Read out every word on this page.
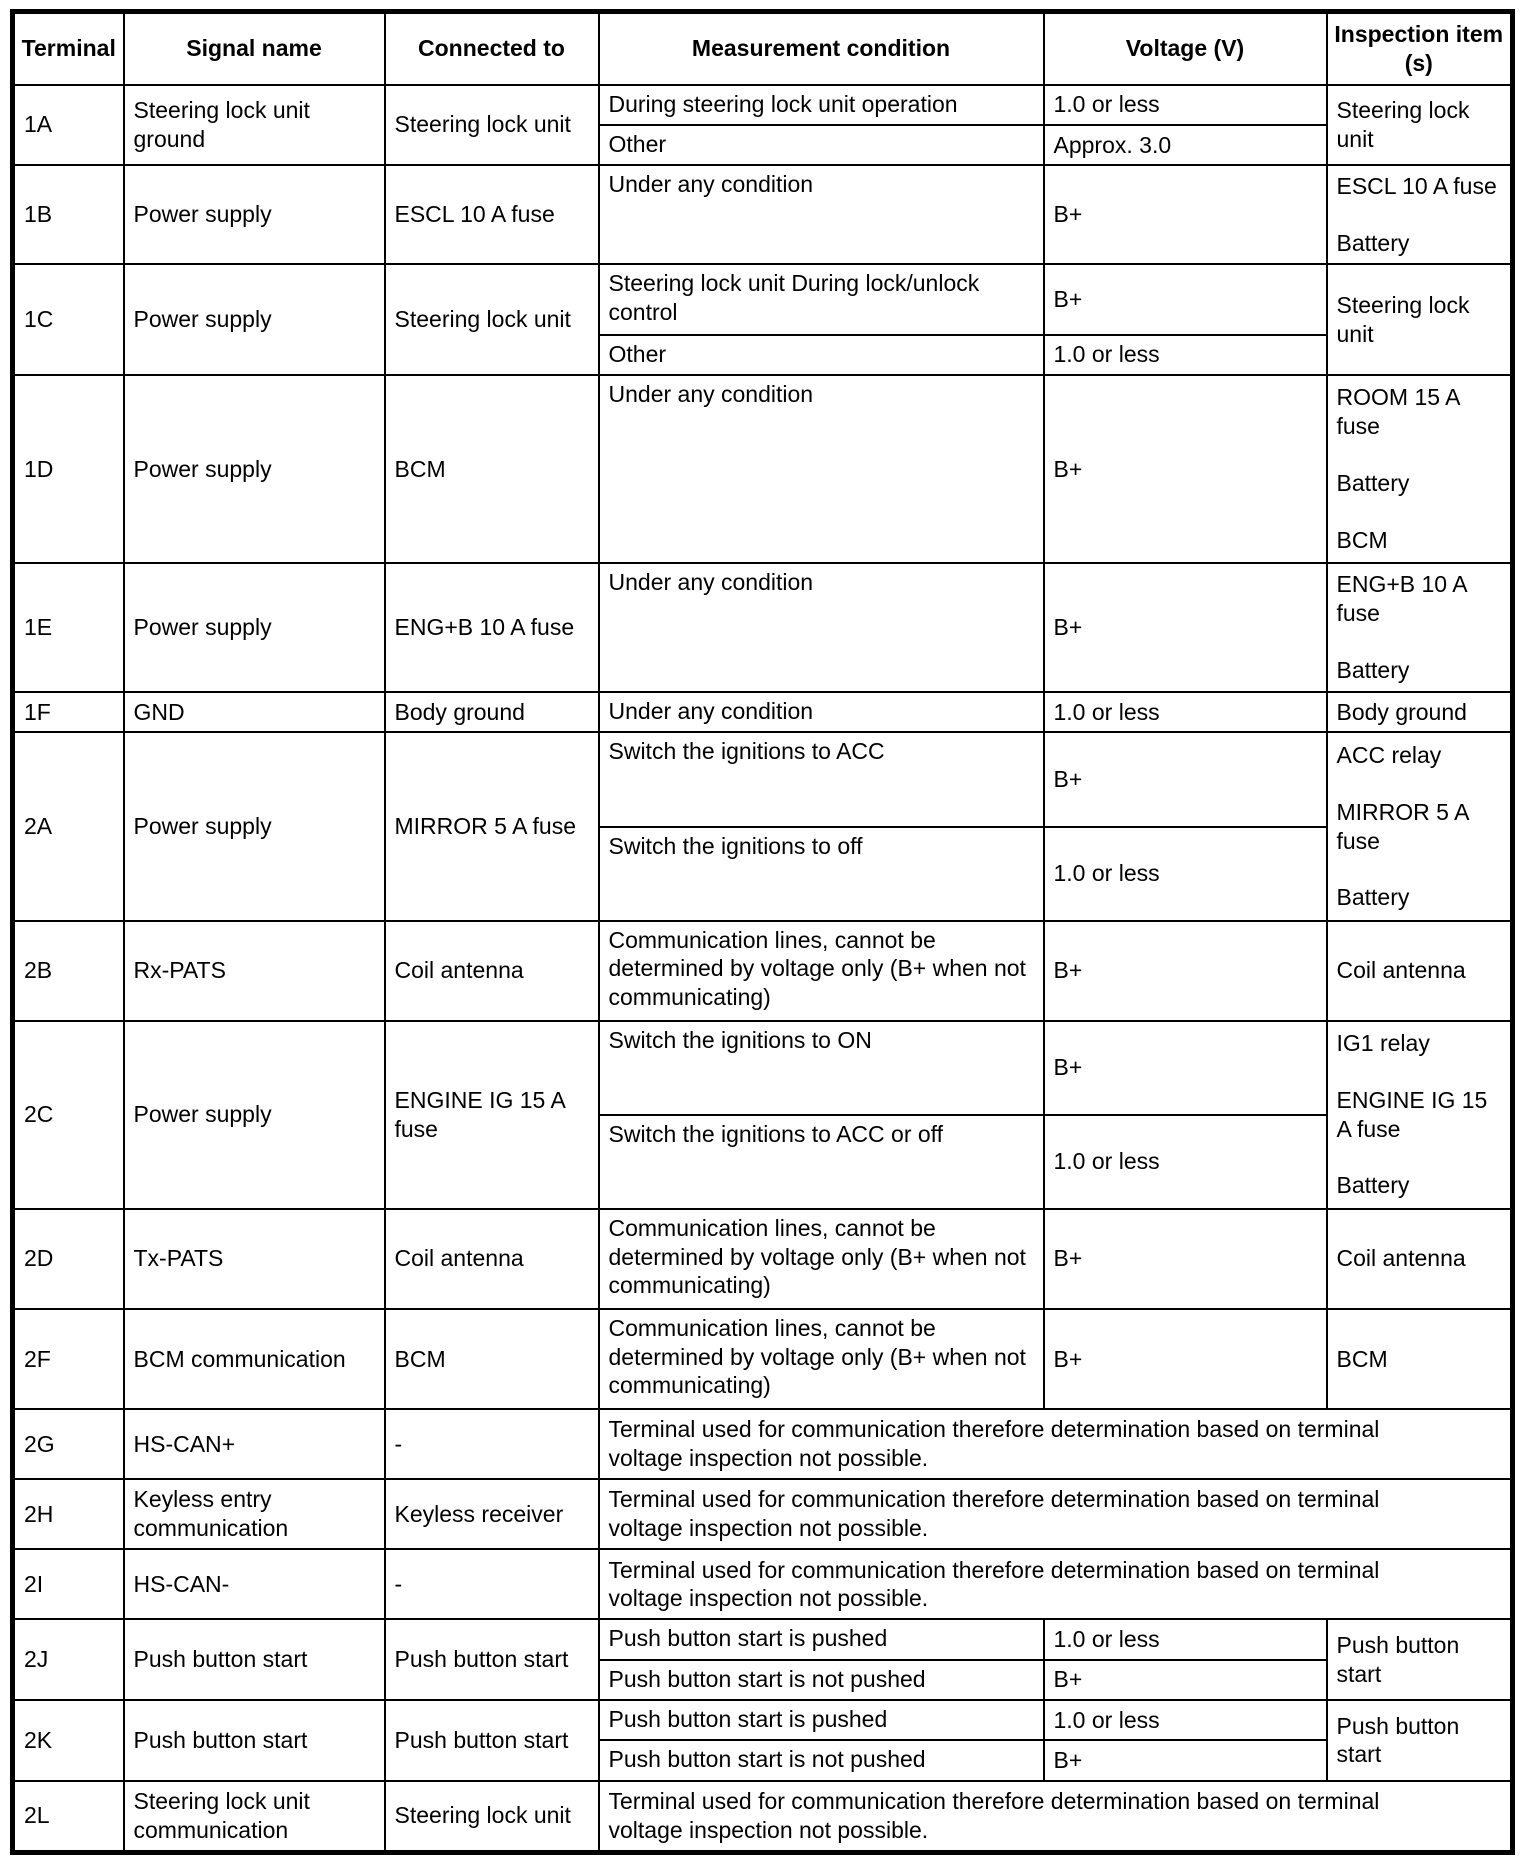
Terminal	Signal name	Connected to	Measurement condition	Voltage (V)	Inspection item (s)
1A	Steering lock unit ground	Steering lock unit	During steering lock unit operation	1.0 or less	Steering lock unit

			Other	Approx. 3.0	
1B	Power supply	ESCL 10 A fuse	Under any condition	B+	ESCL 10 A fuse
Battery

1C	Power supply	Steering lock unit	Steering lock unit During lock/unlock control	B+	Steering lock unit

			Other	1.0 or less	
1D	Power supply	BCM	Under any condition	B+	ROOM 15 A fuse
Battery
BCM

1E	Power supply	ENG+B 10 A fuse	Under any condition	B+	ENG+B 10 A fuse
Battery

1F	GND	Body ground	Under any condition	1.0 or less	Body ground

2A	Power supply	MIRROR 5 A fuse	Switch the ignitions to ACC	B+	ACC relay
MIRROR 5 A fuse
Battery

			Switch the ignitions to off	1.0 or less	
2B	Rx-PATS	Coil antenna	Communication lines, cannot be determined by voltage only (B+ when not communicating)	B+	Coil antenna

2C	Power supply	ENGINE IG 15 A fuse	Switch the ignitions to ON	B+	IG1 relay
ENGINE IG 15 A fuse
Battery

			Switch the ignitions to ACC or off	1.0 or less	
2D	Tx-PATS	Coil antenna	Communication lines, cannot be determined by voltage only (B+ when not communicating)	B+	Coil antenna

2F	BCM communication	BCM	Communication lines, cannot be determined by voltage only (B+ when not communicating)	B+	BCM

2G	HS-CAN+	-	Terminal used for communication therefore determination based on terminal voltage inspection not possible.		

2H	Keyless entry communication	Keyless receiver	Terminal used for communication therefore determination based on terminal voltage inspection not possible.		

2I	HS-CAN-	-	Terminal used for communication therefore determination based on terminal voltage inspection not possible.		

2J	Push button start	Push button start	Push button start is pushed	1.0 or less	Push button start

			Push button start is not pushed	B+	
2K	Push button start	Push button start	Push button start is pushed	1.0 or less	Push button start

			Push button start is not pushed	B+	
2L	Steering lock unit communication	Steering lock unit	Terminal used for communication therefore determination based on terminal voltage inspection not possible.		
